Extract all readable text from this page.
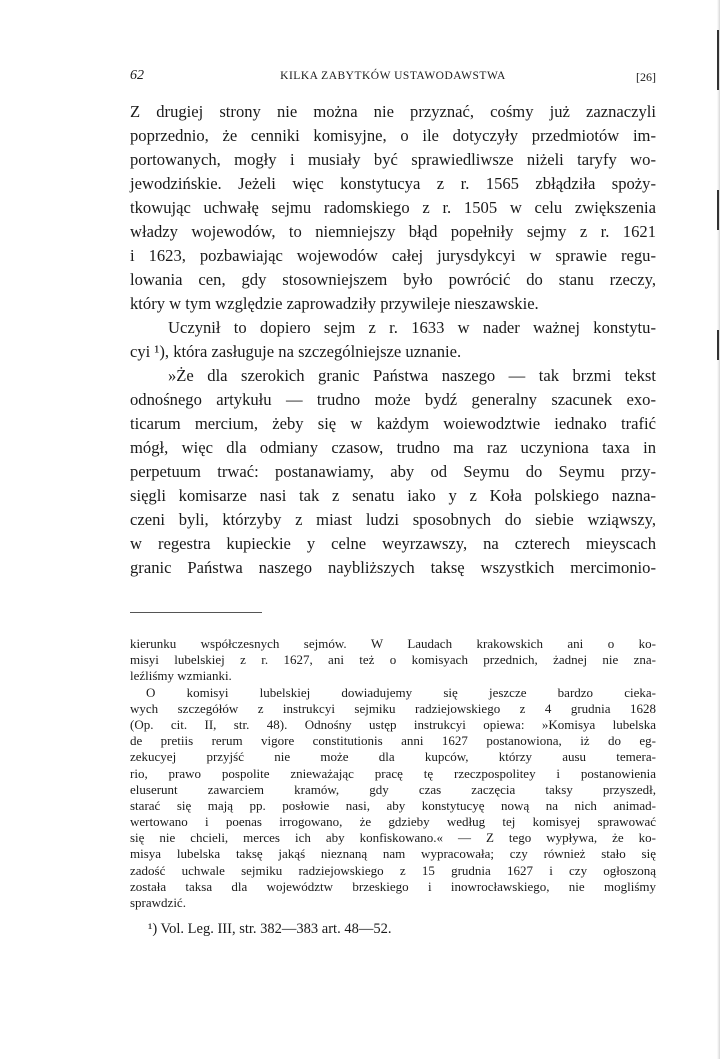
62	KILKA ZABYTKÓW USTAWODAWSTWA	[26]
Z drugiej strony nie można nie przyznać, cośmy już zaznaczyli
poprzednio, że cenniki komisyjne, o ile dotyczyły przedmiotów im-
portowanych, mogły i musiały być sprawiedliwsze niżeli taryfy wo-
jewodzińskie. Jeżeli więc konstytucya z r. 1565 zbłądziła spoży-
tkowując uchwałę sejmu radomskiego z r. 1505 w celu zwiększenia
władzy wojewodów, to niemniejszy błąd popełniły sejmy z r. 1621
i 1623, pozbawiając wojewodów całej jurysdykcyi w sprawie regu-
lowania cen, gdy stosowniejszem było powrócić do stanu rzeczy,
który w tym względzie zaprowadziły przywileje nieszawskie.
Uczynił to dopiero sejm z r. 1633 w nader ważnej konstytu-
cyi ¹), która zasługuje na szczególniejsze uznanie.
»Że dla szerokich granic Państwa naszego — tak brzmi tekst
odnośnego artykułu — trudno może bydź generalny szacunek exo-
ticarum mercium, żeby się w każdym woiewodztwie iednako trafić
mógł, więc dla odmiany czasow, trudno ma raz uczyniona taxa in
perpetuum trwać: postanawiamy, aby od Seymu do Seymu przy-
sięgli komisarze nasi tak z senatu iako y z Koła polskiego nazna-
czeni byli, którzyby z miast ludzi sposobnych do siebie wziąwszy,
w regestra kupieckie y celne weyrzawszy, na czterech mieyscach
granic Państwa naszego naybliższych taksę wszystkich mercimonio-
kierunku współczesnych sejmów. W Laudach krakowskich ani o ko-
misyi lubelskiej z r. 1627, ani też o komisyach przednich, żadnej nie zna-
leźliśmy wzmianki.
O komisyi lubelskiej dowiadujemy się jeszcze bardzo cieka-
wych szczegółów z instrukcyi sejmiku radziejowskiego z 4 grudnia 1628
(Op. cit. II, str. 48). Odnośny ustęp instrukcyi opiewa: »Komisya lubelska
de pretiis rerum vigore constitutionis anni 1627 postanowiona, iż do eg-
zekucyej przyjść nie może dla kupców, którzy ausu temera-
rio, prawo pospolite znieważając pracę tę rzeczpospolitey i postanowienia
eluserunt zawarciem kramów, gdy czas zaczęcia taksy przyszedł,
starać się mają pp. posłowie nasi, aby konstytucyę nową na nich animad-
wertowano i poenas irrogowano, że gdzieby według tej komisyej sprawować
się nie chcieli, merces ich aby konfiskowano.« — Z tego wypływa, że ko-
misya lubelska taksę jakąś nieznaną nam wypracowała; czy również stało się
zadość uchwale sejmiku radziejowskiego z 15 grudnia 1627 i czy ogłoszoną
została taksa dla województw brzeskiego i inowrocławskiego, nie mogliśmy
sprawdzić.
¹) Vol. Leg. III, str. 382—383 art. 48—52.
